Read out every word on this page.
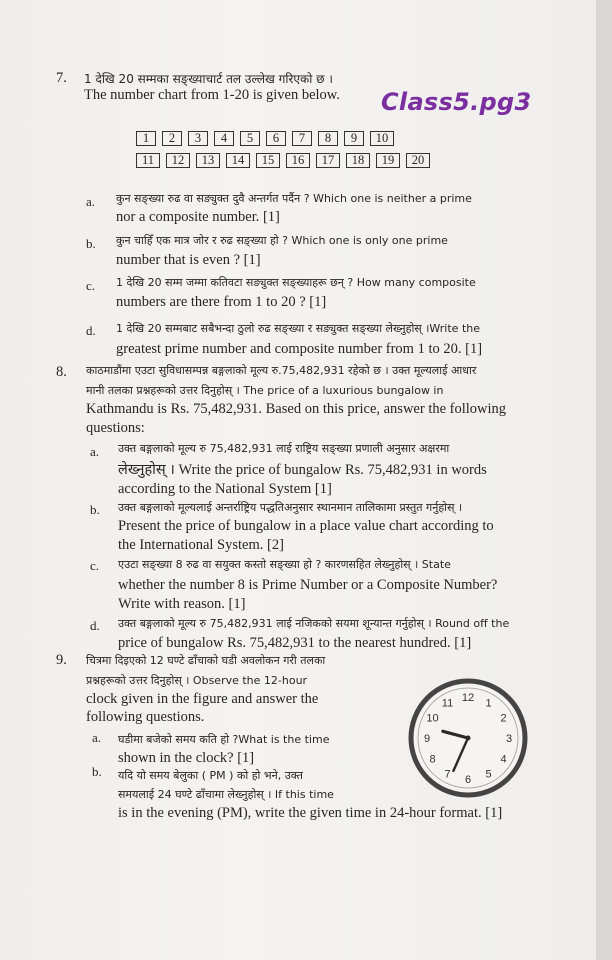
Class5.pg3
7. 1 देखि 20 सम्मका सङ्ख्याचार्ट तल उल्लेख गरिएको छ ।
The number chart from 1-20 is given below.
1	2	3	4	5	6	7	8	9	10
11	12	13	14	15	16	17	18	19	20
a. कुन सङ्ख्या रुढ वा सङ्युक्त दुवै अन्तर्गत पर्दैन ? Which one is neither a prime
nor a composite number. [1]
b. कुन चाहिँ एक मात्र जोर र रुढ सङ्ख्या हो ? Which one is only one prime
number that is even ? [1]
c. 1 देखि 20 सम्म जम्मा कतिवटा सङ्युक्त सङ्ख्याहरू छन् ? How many composite
numbers are there from 1 to 20 ? [1]
d. 1 देखि 20 सम्मबाट सबैभन्दा ठुलो रुढ सङ्ख्या र सङ्युक्त सङ्ख्या लेख्नुहोस् ।Write the
greatest prime number and composite number from 1 to 20. [1]
8. काठमाडौंमा एउटा सुविधासम्पन्न बङ्गलाको मूल्य रु.75,482,931 रहेको छ । उक्त मूल्यलाई आधार
मानी तलका प्रश्नहरूको उत्तर दिनुहोस् । The price of a luxurious bungalow in
Kathmandu is Rs. 75,482,931. Based on this price, answer the following
questions:
a. उक्त बङ्गलाको मूल्य रु 75,482,931 लाई राष्ट्रिय सङ्ख्या प्रणाली अनुसार अक्षरमा
लेख्नुहोस् । Write the price of bungalow Rs. 75,482,931 in words
according to the National System [1]
b. उक्त बङ्गलाको मूल्यलाई अन्तर्राष्ट्रिय पद्धतिअनुसार स्थानमान तालिकामा प्रस्तुत गर्नुहोस् ।
Present the price of bungalow in a place value chart according to
the International System. [2]
c. एउटा सङ्ख्या 8 रुढ वा सयुक्त कस्तो सङ्ख्या हो ? कारणसहित लेख्नुहोस् । State
whether the number 8 is Prime Number or a Composite Number?
Write with reason. [1]
d. उक्त बङ्गलाको मूल्य रु 75,482,931 लाई नजिकको सयमा शून्यान्त गर्नुहोस् । Round off the
price of bungalow Rs. 75,482,931 to the nearest hundred. [1]
9. चित्रमा दिइएको 12 घण्टे ढाँचाको घडी अवलोकन गरी तलका
प्रश्नहरूको उत्तर दिनुहोस् । Observe the 12-hour
clock given in the figure and answer the
following questions.
a. घडीमा बजेको समय कति हो ?What is the time
shown in the clock? [1]
b. यदि यो समय बेलुका ( PM ) को हो भने, उक्त
समयलाई 24 घण्टे ढाँचामा लेख्नुहोस् । If this time
is in the evening (PM), write the given time in 24-hour format. [1]
12 1
2
3
4
5
6
7
8
9
10
11
